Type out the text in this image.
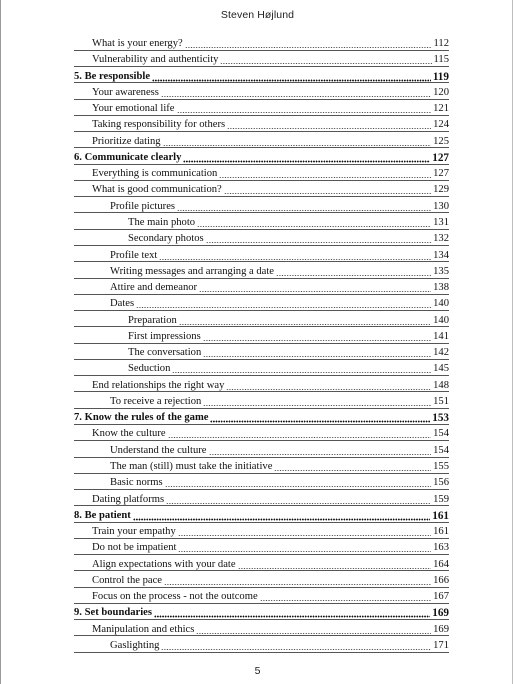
Steven Højlund
What is your energy?	112
Vulnerability and authenticity	115
5. Be responsible	119
Your awareness	120
Your emotional life	121
Taking responsibility for others	124
Prioritize dating	125
6. Communicate clearly	127
Everything is communication	127
What is good communication?	129
Profile pictures	130
The main photo	131
Secondary photos	132
Profile text	134
Writing messages and arranging a date	135
Attire and demeanor	138
Dates	140
Preparation	140
First impressions	141
The conversation	142
Seduction	145
End relationships the right way	148
To receive a rejection	151
7. Know the rules of the game	153
Know the culture	154
Understand the culture	154
The man (still) must take the initiative	155
Basic norms	156
Dating platforms	159
8. Be patient	161
Train your empathy	161
Do not be impatient	163
Align expectations with your date	164
Control the pace	166
Focus on the process - not the outcome	167
9. Set boundaries	169
Manipulation and ethics	169
Gaslighting	171
5
